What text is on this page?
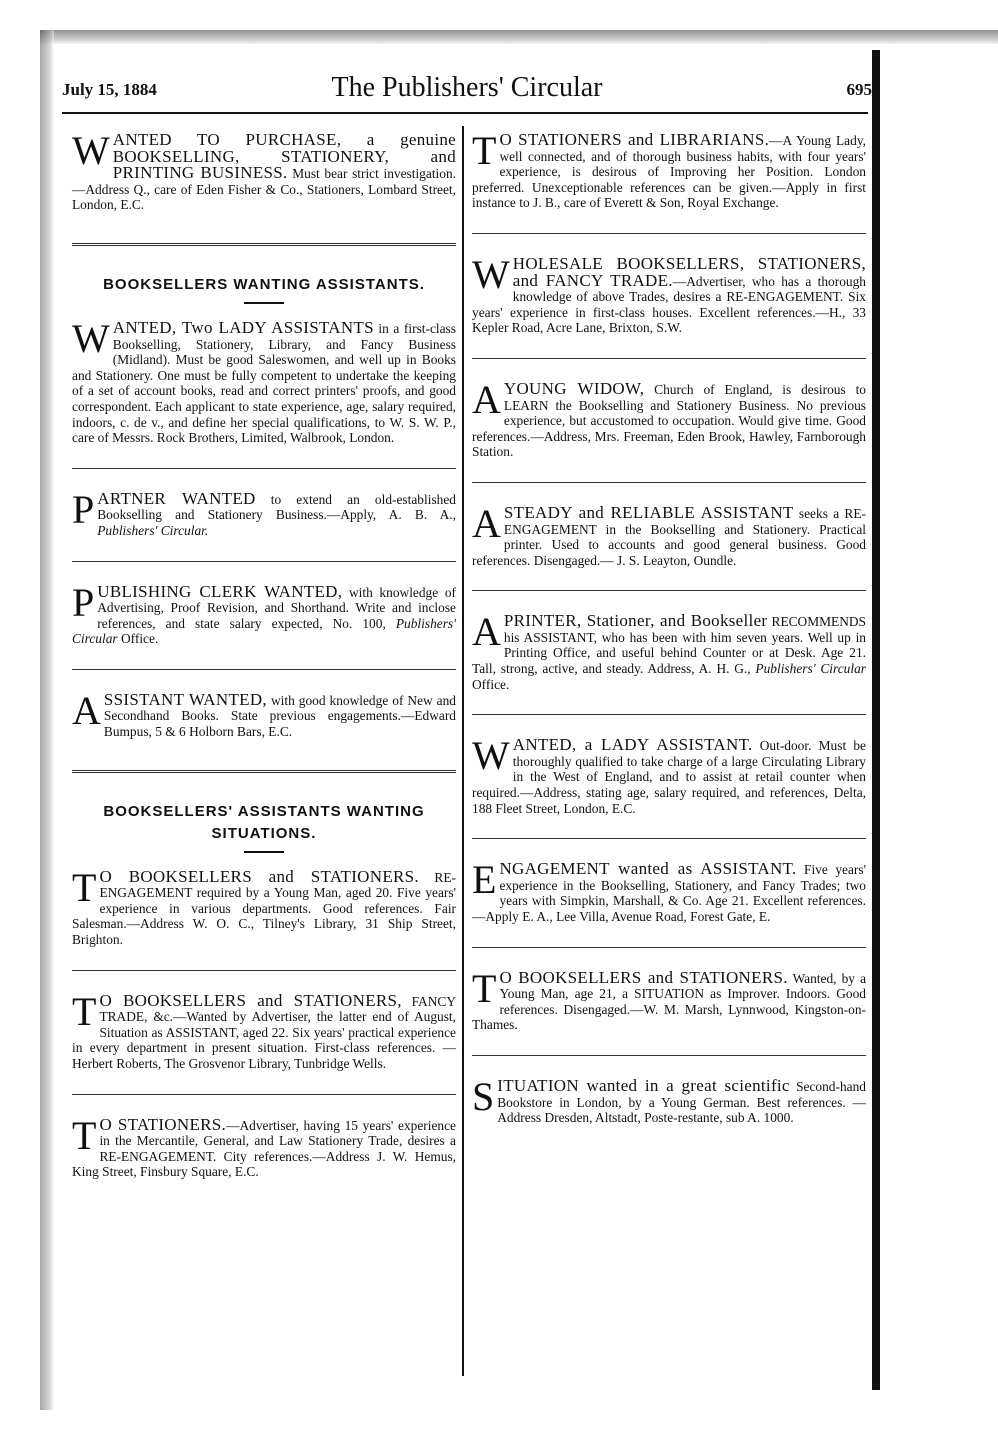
July 15, 1884	The Publishers' Circular	695

WANTED TO PURCHASE, a genuine BOOKSELLING, STATIONERY, and PRINTING BUSINESS. Must bear strict investigation.—Address Q., care of Eden Fisher & Co., Stationers, Lombard Street, London, E.C.

BOOKSELLERS WANTING ASSISTANTS.

WANTED, Two LADY ASSISTANTS in a first-class Bookselling, Stationery, Library, and Fancy Business (Midland). Must be good Saleswomen, and well up in Books and Stationery. One must be fully competent to undertake the keeping of a set of account books, read and correct printers' proofs, and good correspondent. Each applicant to state experience, age, salary required, indoors, c. de v., and define her special qualifications, to W. S. W. P., care of Messrs. Rock Brothers, Limited, Walbrook, London.

PARTNER WANTED to extend an old-established Bookselling and Stationery Business.—Apply, A. B. A., Publishers' Circular.

PUBLISHING CLERK WANTED, with knowledge of Advertising, Proof Revision, and Shorthand. Write and inclose references, and state salary expected, No. 100, Publishers' Circular Office.

ASSISTANT WANTED, with good knowledge of New and Secondhand Books. State previous engagements.—Edward Bumpus, 5 & 6 Holborn Bars, E.C.

BOOKSELLERS' ASSISTANTS WANTING SITUATIONS.

T O BOOKSELLERS and STATIONERS. RE-ENGAGEMENT required by a Young Man, aged 20. Five years' experience in various departments. Good references. Fair Salesman.—Address W. O. C., Tilney's Library, 31 Ship Street, Brighton.

T O BOOKSELLERS and STATIONERS, FANCY TRADE, &c.—Wanted by Advertiser, the latter end of August, Situation as ASSISTANT, aged 22. Six years' practical experience in every department in present situation. First-class references. — Herbert Roberts, The Grosvenor Library, Tunbridge Wells.

T O STATIONERS.—Advertiser, having 15 years' experience in the Mercantile, General, and Law Stationery Trade, desires a RE-ENGAGEMENT. City references.—Address J. W. Hemus, King Street, Finsbury Square, E.C.

T O STATIONERS and LIBRARIANS.—A Young Lady, well connected, and of thorough business habits, with four years' experience, is desirous of Improving her Position. London preferred. Unexceptionable references can be given.—Apply in first instance to J. B., care of Everett & Son, Royal Exchange.

WHOLESALE BOOKSELLERS, STATIONERS, and FANCY TRADE.—Advertiser, who has a thorough knowledge of above Trades, desires a RE-ENGAGEMENT. Six years' experience in first-class houses. Excellent references.—H., 33 Kepler Road, Acre Lane, Brixton, S.W.

A YOUNG WIDOW, Church of England, is desirous to LEARN the Bookselling and Stationery Business. No previous experience, but accustomed to occupation. Would give time. Good references.—Address, Mrs. Freeman, Eden Brook, Hawley, Farnborough Station.

A STEADY and RELIABLE ASSISTANT seeks a RE-ENGAGEMENT in the Bookselling and Stationery. Practical printer. Used to accounts and good general business. Good references. Disengaged.— J. S. Leayton, Oundle.

A PRINTER, Stationer, and Bookseller RECOMMENDS his ASSISTANT, who has been with him seven years. Well up in Printing Office, and useful behind Counter or at Desk. Age 21. Tall, strong, active, and steady. Address, A. H. G., Publishers' Circular Office.

WANTED, a LADY ASSISTANT. Out-door. Must be thoroughly qualified to take charge of a large Circulating Library in the West of England, and to assist at retail counter when required.—Address, stating age, salary required, and references, Delta, 188 Fleet Street, London, E.C.

ENGAGEMENT wanted as ASSISTANT. Five years' experience in the Bookselling, Stationery, and Fancy Trades; two years with Simpkin, Marshall, & Co. Age 21. Excellent references.—Apply E. A., Lee Villa, Avenue Road, Forest Gate, E.

T O BOOKSELLERS and STATIONERS. Wanted, by a Young Man, age 21, a SITUATION as Improver. Indoors. Good references. Disengaged.—W. M. Marsh, Lynnwood, Kingston-on-Thames.

SITUATION wanted in a great scientific Second-hand Bookstore in London, by a Young German. Best references. — Address Dresden, Altstadt, Poste-restante, sub A. 1000.
